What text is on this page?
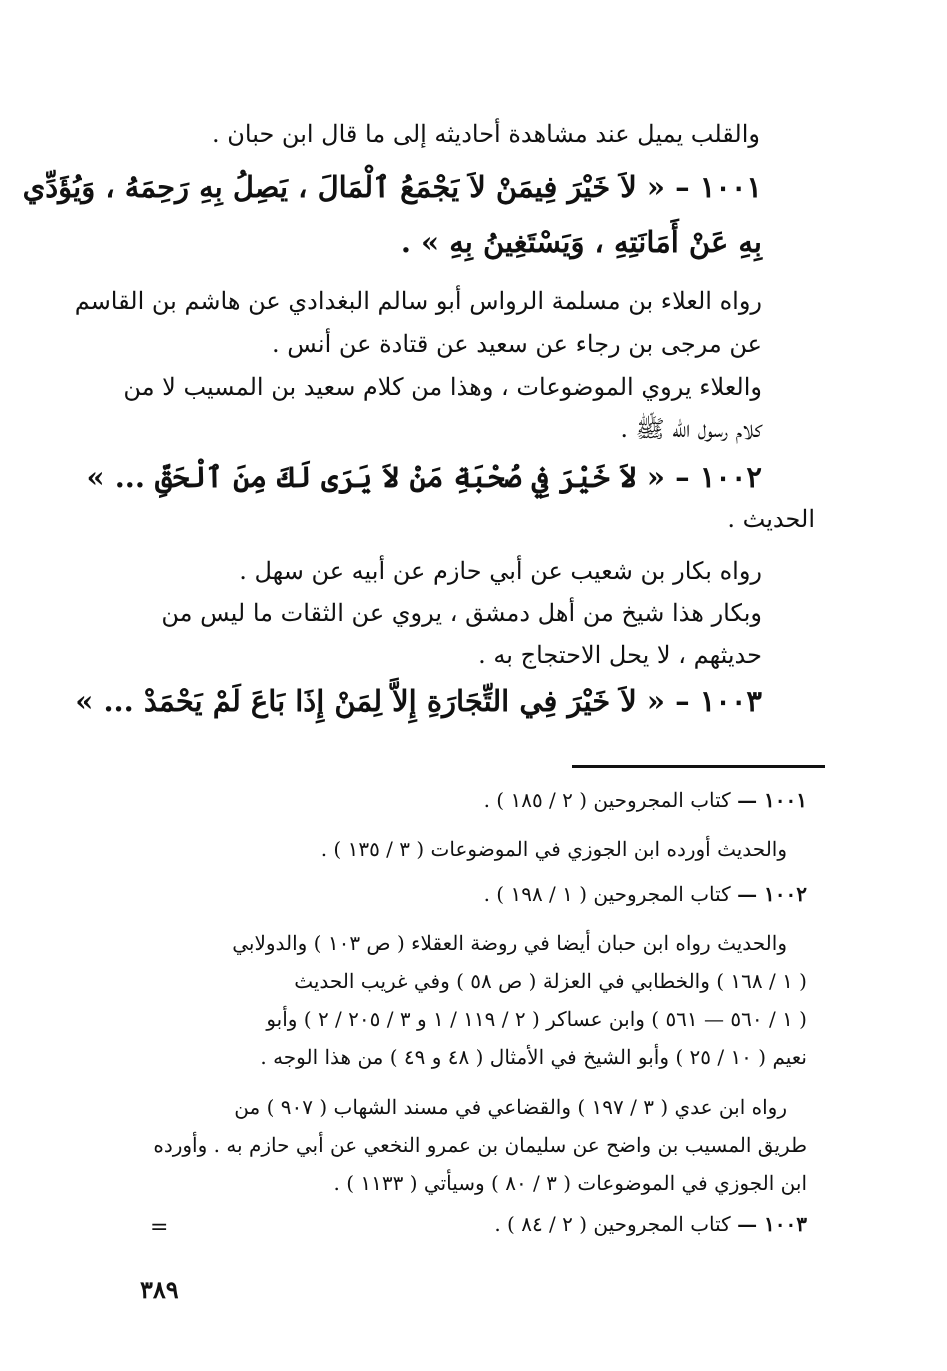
والقلب يميل عند مشاهدة أحاديثه إلى ما قال ابن حبان .
١٠٠١ – « لاَ خَيْرَ فِيمَنْ لاَ يَجْمَعُ ٱلْمَالَ ، يَصِلُ بِهِ رَحِمَهُ ، وَيُؤَدِّي
بِهِ عَنْ أَمَانَتِهِ ، وَيَسْتَغِينُ بِهِ » .
رواه العلاء بن مسلمة الرواس أبو سالم البغدادي عن هاشم بن القاسم
عن مرجى بن رجاء عن سعيد عن قتادة عن أنس .
والعلاء يروي الموضوعات ، وهذا من كلام سعيد بن المسيب لا من
كلام رسول الله ﷺ .
١٠٠٢ – « لاَ خَيْرَ فِي صُحْبَةِ مَنْ لاَ يَرَى لَكَ مِنَ ٱلْحَقِّ ... »
الحديث .
رواه بكار بن شعيب عن أبي حازم عن أبيه عن سهل .
وبكار هذا شيخ من أهل دمشق ، يروي عن الثقات ما ليس من
حديثهم ، لا يحل الاحتجاج به .
١٠٠٣ – « لاَ خَيْرَ فِي التِّجَارَةِ إِلاَّ لِمَنْ إِذَا بَاعَ لَمْ يَحْمَدْ ... »
١٠٠١ — كتاب المجروحين ( ٢ / ١٨٥ ) .
والحديث أورده ابن الجوزي في الموضوعات ( ٣ / ١٣٥ ) .
١٠٠٢ — كتاب المجروحين ( ١ / ١٩٨ ) .
والحديث رواه ابن حبان أيضا في روضة العقلاء ( ص ١٠٣ ) والدولابي
( ١ / ١٦٨ ) والخطابي في العزلة ( ص ٥٨ ) وفي غريب الحديث
( ١ / ٥٦٠ — ٥٦١ ) وابن عساكر ( ٢ / ١١٩ / ١ و ٣ / ٢٠٥ / ٢ ) وأبو
نعيم ( ١٠ / ٢٥ ) وأبو الشيخ في الأمثال ( ٤٨ و ٤٩ ) من هذا الوجه .
رواه ابن عدي ( ٣ / ١٩٧ ) والقضاعي في مسند الشهاب ( ٩٠٧ ) من
طريق المسيب بن واضح عن سليمان بن عمرو النخعي عن أبي حازم به . وأورده
ابن الجوزي في الموضوعات ( ٣ / ٨٠ ) وسيأتي ( ١١٣٣ ) .
١٠٠٣ — كتاب المجروحين ( ٢ / ٨٤ ) .
=
٣٨٩
